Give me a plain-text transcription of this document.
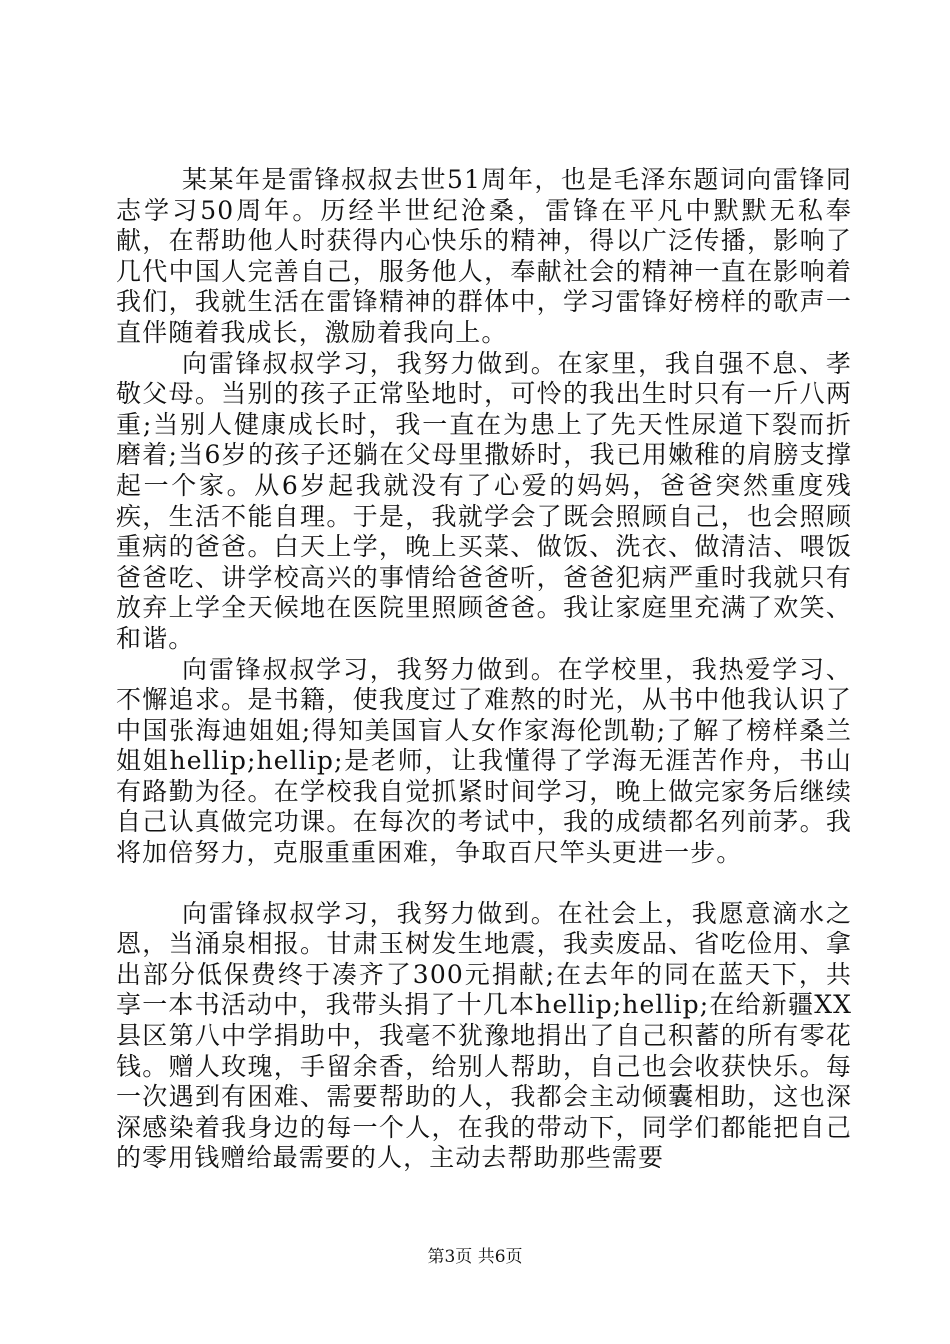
某某年是雷锋叔叔去世51周年，也是毛泽东题词向雷锋同志学习50周年。历经半世纪沧桑，雷锋在平凡中默默无私奉献，在帮助他人时获得内心快乐的精神，得以广泛传播，影响了几代中国人完善自己，服务他人，奉献社会的精神一直在影响着我们，我就生活在雷锋精神的群体中，学习雷锋好榜样的歌声一直伴随着我成长，激励着我向上。

向雷锋叔叔学习，我努力做到。在家里，我自强不息、孝敬父母。当别的孩子正常坠地时，可怜的我出生时只有一斤八两重;当别人健康成长时，我一直在为患上了先天性尿道下裂而折磨着;当6岁的孩子还躺在父母里撒娇时，我已用嫩稚的肩膀支撑起一个家。从6岁起我就没有了心爱的妈妈，爸爸突然重度残疾，生活不能自理。于是，我就学会了既会照顾自己，也会照顾重病的爸爸。白天上学，晚上买菜、做饭、洗衣、做清洁、喂饭爸爸吃、讲学校高兴的事情给爸爸听，爸爸犯病严重时我就只有放弃上学全天候地在医院里照顾爸爸。我让家庭里充满了欢笑、和谐。

向雷锋叔叔学习，我努力做到。在学校里，我热爱学习、不懈追求。是书籍，使我度过了难熬的时光，从书中他我认识了中国张海迪姐姐;得知美国盲人女作家海伦凯勒;了解了榜样桑兰姐姐hellip;hellip;是老师，让我懂得了学海无涯苦作舟，书山有路勤为径。在学校我自觉抓紧时间学习，晚上做完家务后继续自己认真做完功课。在每次的考试中，我的成绩都名列前茅。我将加倍努力，克服重重困难，争取百尺竿头更进一步。

向雷锋叔叔学习，我努力做到。在社会上，我愿意滴水之恩，当涌泉相报。甘肃玉树发生地震，我卖废品、省吃俭用、拿出部分低保费终于凑齐了300元捐献;在去年的同在蓝天下，共享一本书活动中，我带头捐了十几本hellip;hellip;在给新疆XX县区第八中学捐助中，我毫不犹豫地捐出了自己积蓄的所有零花钱。赠人玫瑰，手留余香，给别人帮助，自己也会收获快乐。每一次遇到有困难、需要帮助的人，我都会主动倾囊相助，这也深深感染着我身边的每一个人，在我的带动下，同学们都能把自己的零用钱赠给最需要的人，主动去帮助那些需要

第3页 共6页
